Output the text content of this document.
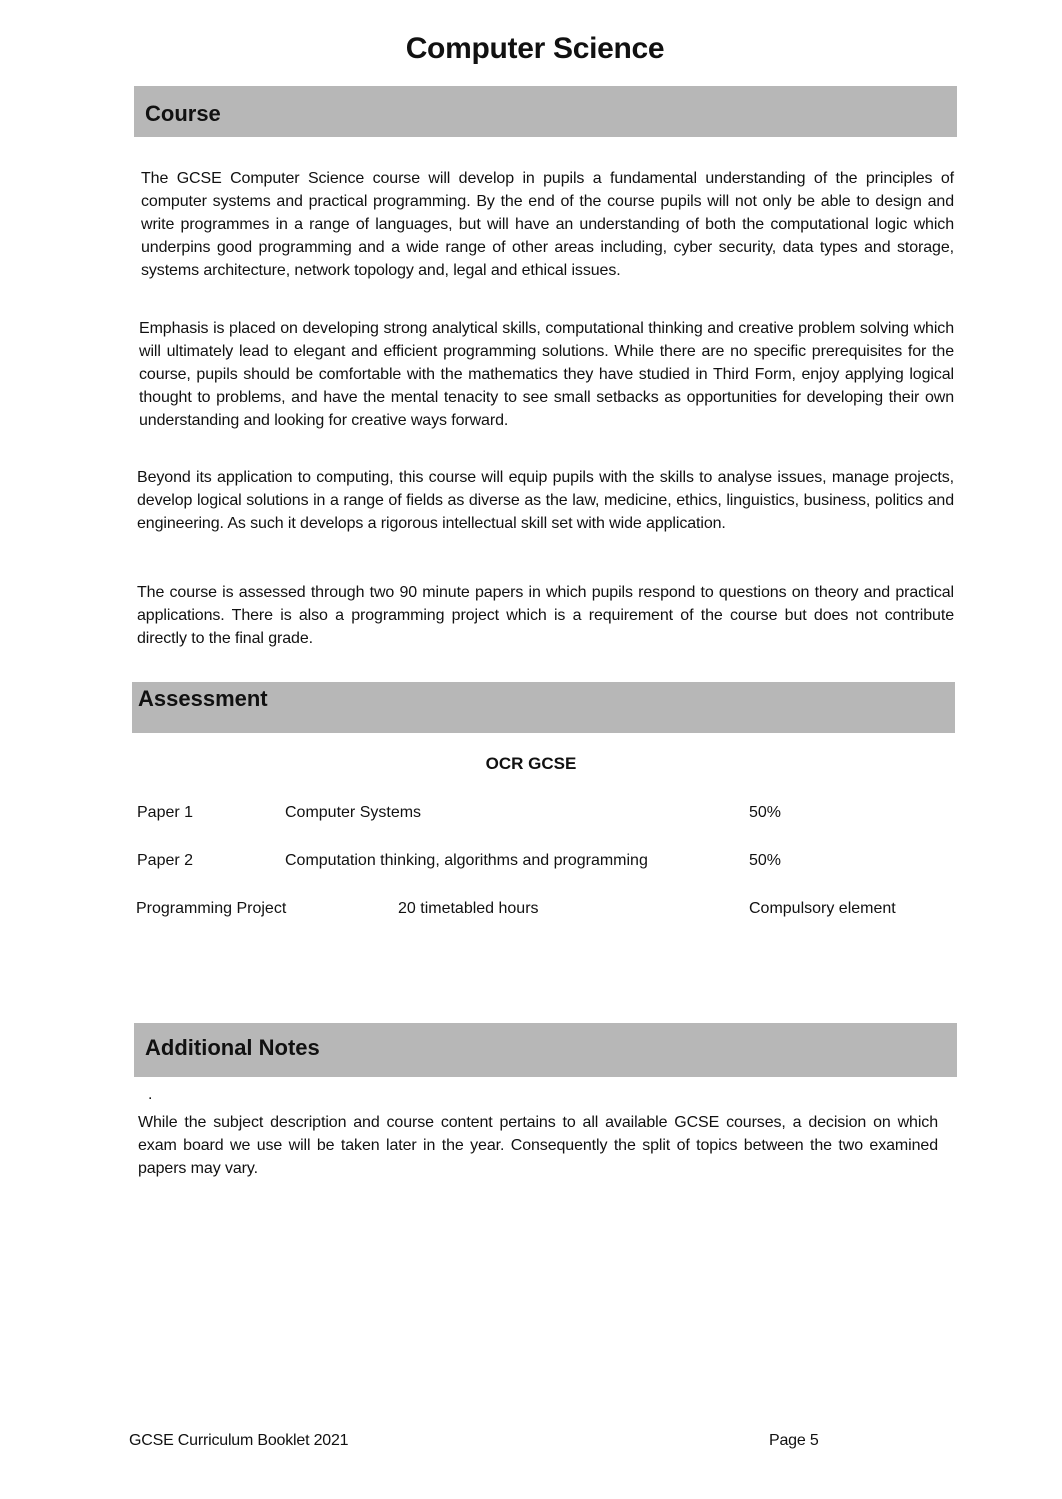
Computer Science
Course

The GCSE Computer Science course will develop in pupils a fundamental understanding of the principles of computer systems and practical programming. By the end of the course pupils will not only be able to design and write programmes in a range of languages, but will have an understanding of both the computational logic which underpins good programming and a wide range of other areas including, cyber security, data types and storage, systems architecture, network topology and, legal and ethical issues.

Emphasis is placed on developing strong analytical skills, computational thinking and creative problem solving which will ultimately lead to elegant and efficient programming solutions. While there are no specific prerequisites for the course, pupils should be comfortable with the mathematics they have studied in Third Form, enjoy applying logical thought to problems, and have the mental tenacity to see small setbacks as opportunities for developing their own understanding and looking for creative ways forward.

Beyond its application to computing, this course will equip pupils with the skills to analyse issues, manage projects, develop logical solutions in a range of fields as diverse as the law, medicine, ethics, linguistics, business, politics and engineering. As such it develops a rigorous intellectual skill set with wide application.

The course is assessed through two 90 minute papers in which pupils respond to questions on theory and practical applications. There is also a programming project which is a requirement of the course but does not contribute directly to the final grade.

Assessment
OCR GCSE
Paper 1	Computer Systems	50%
Paper 2	Computation thinking, algorithms and programming	50%
Programming Project	20 timetabled hours	Compulsory element
Additional Notes
.

While the subject description and course content pertains to all available GCSE courses, a decision on which exam board we use will be taken later in the year. Consequently the split of topics between the two examined papers may vary.

GCSE Curriculum Booklet 2021	Page 5
